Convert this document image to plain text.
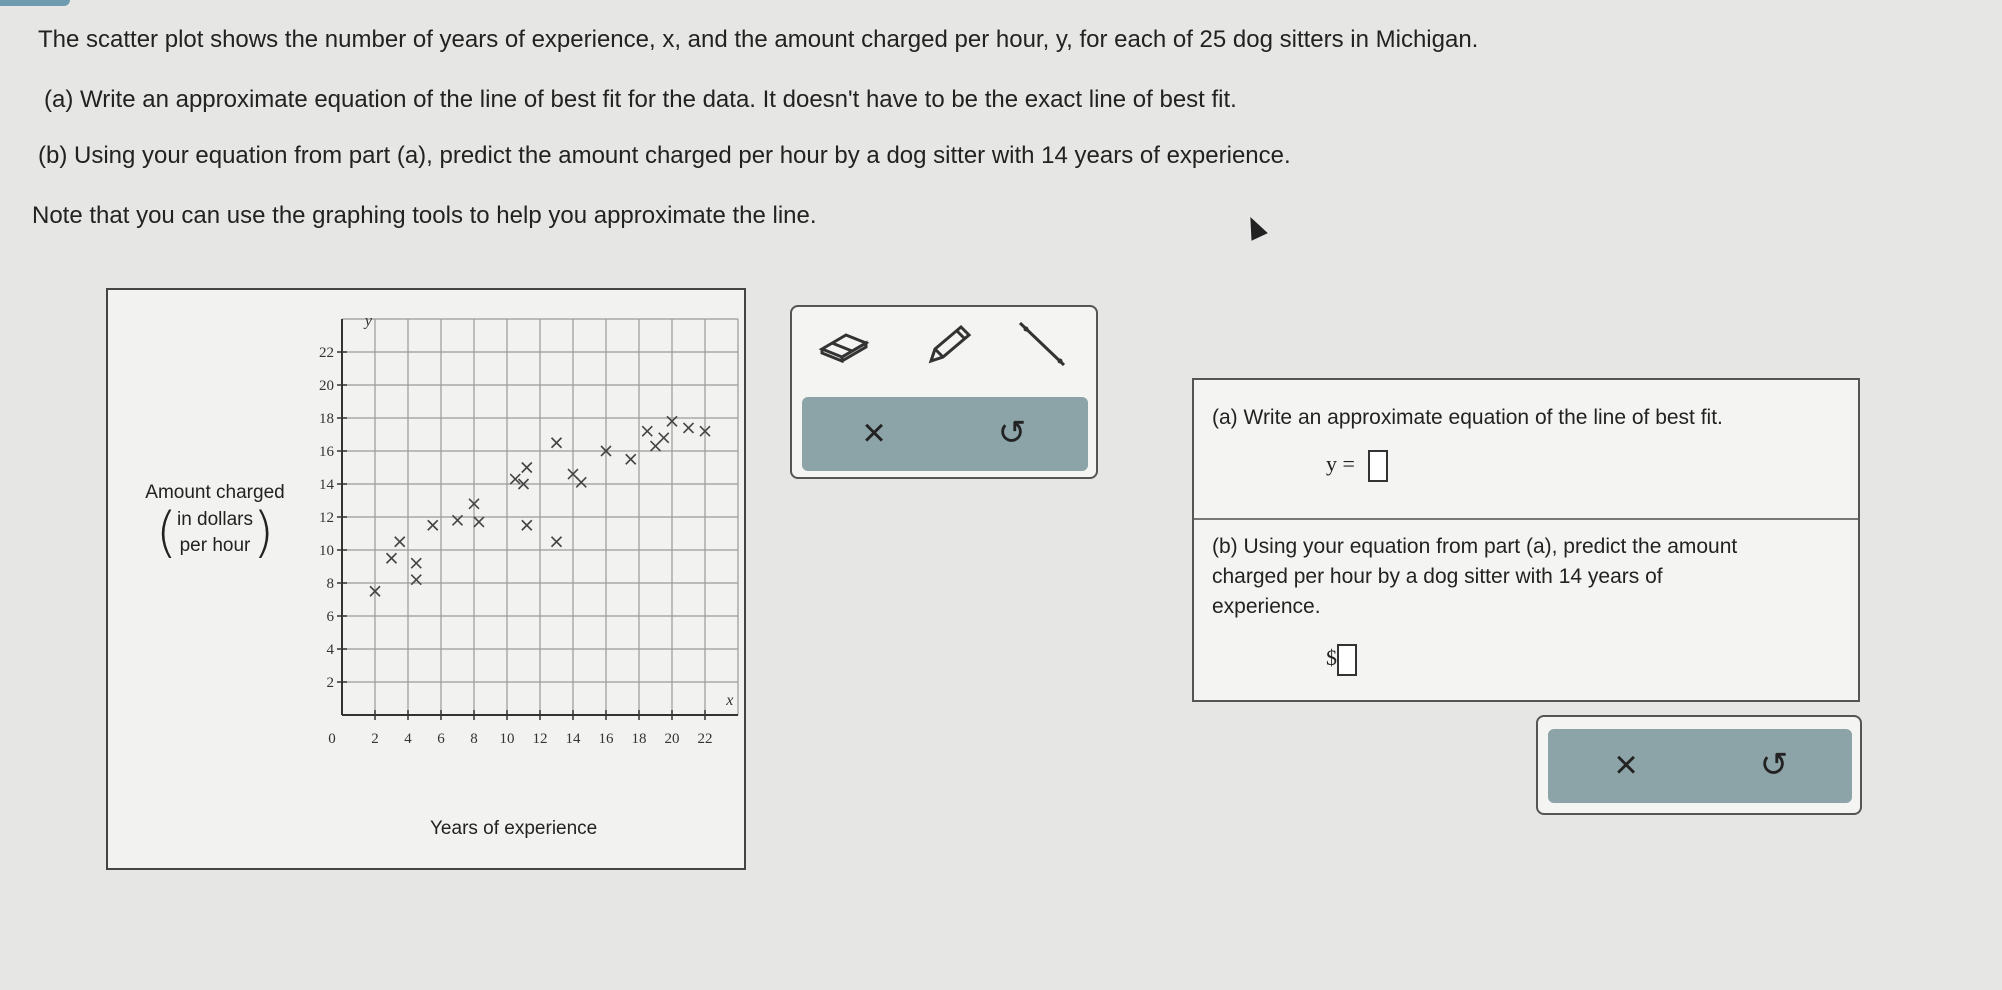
The scatter plot shows the number of years of experience, x, and the amount charged per hour, y, for each of 25 dog sitters in Michigan.
(a) Write an approximate equation of the line of best fit for the data. It doesn't have to be the exact line of best fit.
(b) Using your equation from part (a), predict the amount charged per hour by a dog sitter with 14 years of experience.
Note that you can use the graphing tools to help you approximate the line.
2 4 6 8 10 12 14 16 18 20 22
2
4
6
8
10
12
14
16
18
20
22
0
x
y
Amount charged
( in dollars
per hour )
Years of experience
×	↺	(a) Write an approximate equation of the line of best fit.
y =
(b) Using your equation from part (a), predict the amount
charged per hour by a dog sitter with 14 years of
experience.
$
×	↺
